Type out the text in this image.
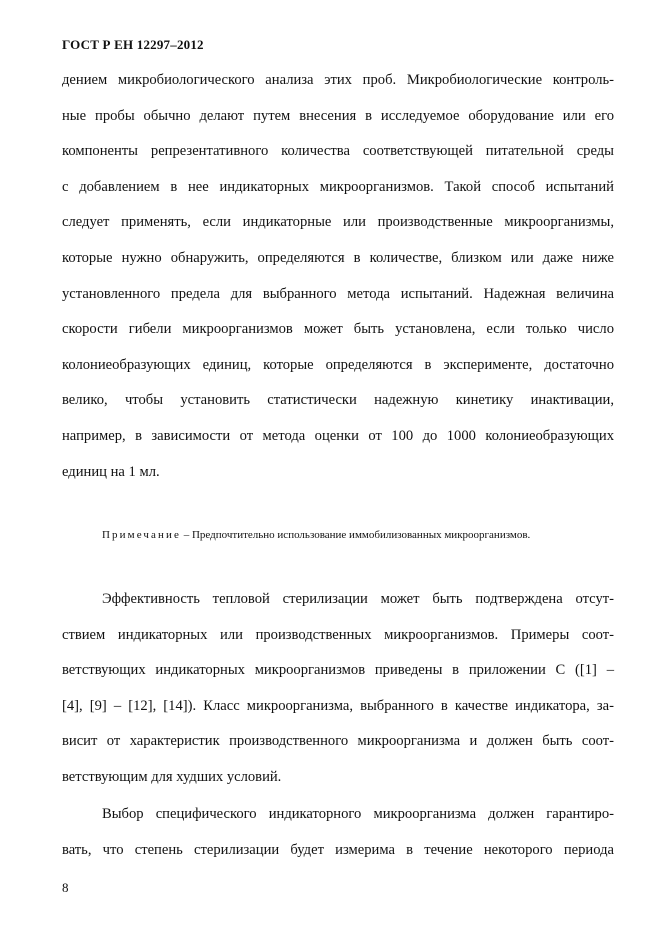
ГОСТ Р ЕН 12297–2012
дением микробиологического анализа этих проб. Микробиологические контроль-
ные пробы обычно делают путем внесения в исследуемое оборудование или его
компоненты репрезентативного количества соответствующей питательной среды
с добавлением в нее индикаторных микроорганизмов. Такой способ испытаний
следует применять, если индикаторные или производственные микроорганизмы,
которые нужно обнаружить, определяются в количестве, близком или даже ниже
установленного предела для выбранного метода испытаний. Надежная величина
скорости гибели микроорганизмов может быть установлена, если только число
колониеобразующих единиц, которые определяются в эксперименте, достаточно
велико, чтобы установить статистически надежную кинетику инактивации,
например, в зависимости от метода оценки от 100 до 1000 колониеобразующих
единиц на 1 мл.
Примечание – Предпочтительно использование иммобилизованных микроорганизмов.
Эффективность тепловой стерилизации может быть подтверждена отсут-
ствием индикаторных или производственных микроорганизмов. Примеры соот-
ветствующих индикаторных микроорганизмов приведены в приложении С ([1] –
[4], [9] – [12], [14]). Класс микроорганизма, выбранного в качестве индикатора, за-
висит от характеристик производственного микроорганизма и должен быть соот-
ветствующим для худших условий.
Выбор специфического индикаторного микроорганизма должен гарантиро-
вать, что степень стерилизации будет измерима в течение некоторого периода
8
